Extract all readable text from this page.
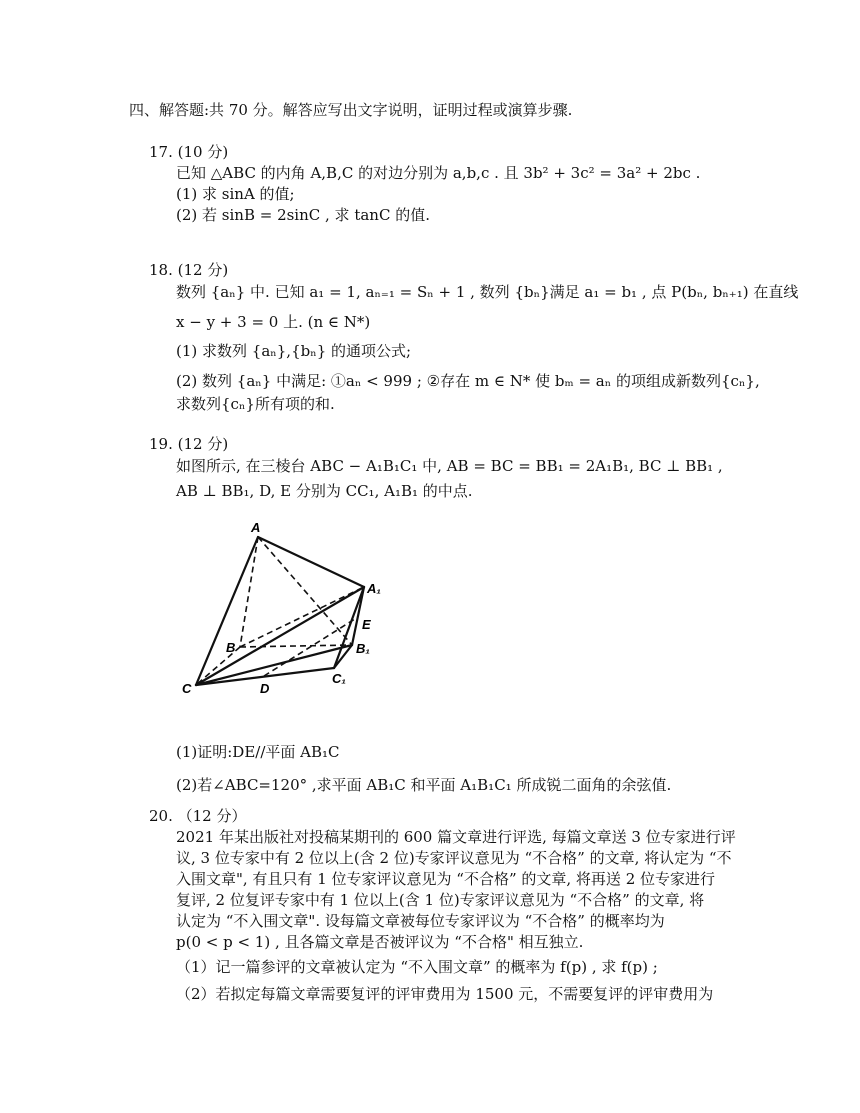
四、解答题:共 70 分。解答应写出文字说明，证明过程或演算步骤.
17. (10 分)
已知 △ABC 的内角 A,B,C 的对边分别为 a,b,c . 且 3b² + 3c² = 3a² + 2bc .
(1) 求 sinA 的值;
(2) 若 sinB = 2sinC , 求 tanC 的值.
18. (12 分)
数列 {aₙ} 中. 已知 a₁ = 1, aₙ₌₁ = Sₙ + 1 , 数列 {bₙ}满足 a₁ = b₁ , 点 P(bₙ, bₙ₊₁) 在直线
x − y + 3 = 0 上. (n ∈ N*)
(1) 求数列 {aₙ},{bₙ} 的通项公式;
(2) 数列 {aₙ} 中满足: ①aₙ < 999 ; ②存在 m ∈ N* 使 bₘ = aₙ 的项组成新数列{cₙ},
求数列{cₙ}所有项的和.
19. (12 分)
如图所示, 在三棱台 ABC − A₁B₁C₁ 中, AB = BC = BB₁ = 2A₁B₁, BC ⊥ BB₁ ,
AB ⊥ BB₁, D, E 分别为 CC₁, A₁B₁ 的中点.
A
A₁
E
B	B₁
C	D
C₁
(1)证明:DE//平面 AB₁C
(2)若∠ABC=120° ,求平面 AB₁C 和平面 A₁B₁C₁ 所成锐二面角的余弦值.
20. （12 分）
2021 年某出版社对投稿某期刊的 600 篇文章进行评选, 每篇文章送 3 位专家进行评
议, 3 位专家中有 2 位以上(含 2 位)专家评议意见为 “不合格” 的文章, 将认定为 “不
入围文章", 有且只有 1 位专家评议意见为 “不合格” 的文章, 将再送 2 位专家进行
复评, 2 位复评专家中有 1 位以上(含 1 位)专家评议意见为 “不合格” 的文章, 将
认定为 “不入围文章". 设每篇文章被每位专家评议为 “不合格” 的概率均为
p(0 < p < 1) , 且各篇文章是否被评议为 “不合格" 相互独立.
（1）记一篇参评的文章被认定为 “不入围文章” 的概率为 f(p) , 求 f(p) ;
（2）若拟定每篇文章需要复评的评审费用为 1500 元，不需要复评的评审费用为
